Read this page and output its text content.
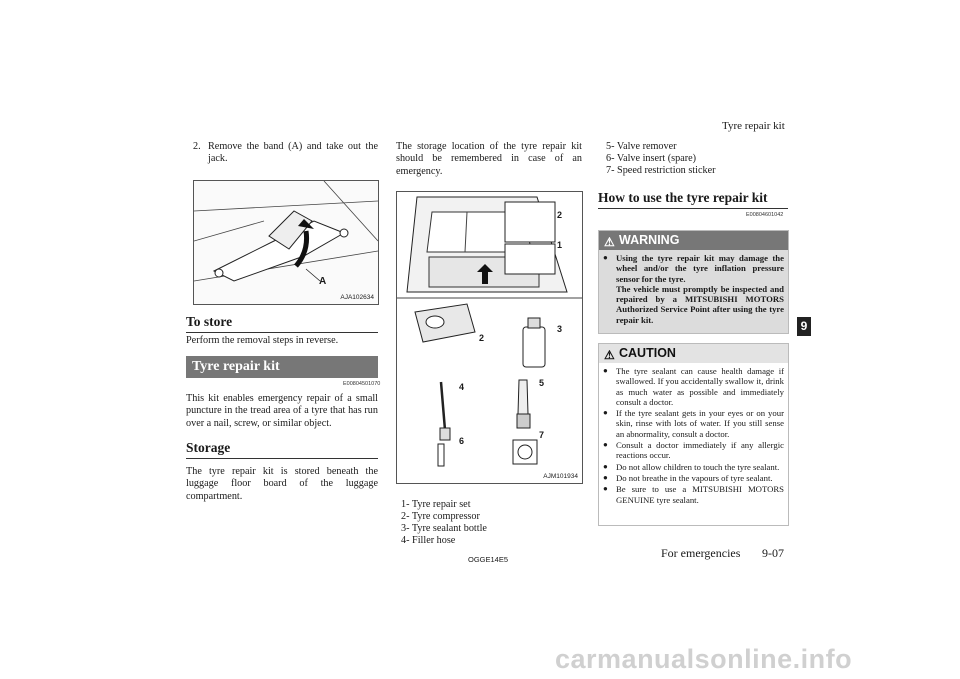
Tyre repair kit
2. Remove the band (A) and take out the jack.
A
AJA102634
To store
Perform the removal steps in reverse.
Tyre repair kit
E00804501070
This kit enables emergency repair of a small puncture in the tread area of a tyre that has run over a nail, screw, or similar object.
Storage
The tyre repair kit is stored beneath the luggage floor board of the luggage compartment.
The storage location of the tyre repair kit should be remembered in case of an emergency.
2
1
2
3
4	5
6
7
AJM101934
1- Tyre repair set
2- Tyre compressor
3- Tyre sealant bottle
4- Filler hose
5- Valve remover
6- Valve insert (spare)
7- Speed restriction sticker
How to use the tyre repair kit
E00804601042
⚠ WARNING
● Using the tyre repair kit may damage the wheel and/or the tyre inflation pressure sensor for the tyre.
The vehicle must promptly be inspected and repaired by a MITSUBISHI MOTORS Authorized Service Point after using the tyre repair kit.
⚠ CAUTION
● The tyre sealant can cause health damage if swallowed. If you accidentally swallow it, drink as much water as possible and immediately consult a doctor.
● If the tyre sealant gets in your eyes or on your skin, rinse with lots of water. If you still sense an abnormality, consult a doctor.
● Consult a doctor immediately if any allergic reactions occur.
● Do not allow children to touch the tyre sealant.
● Do not breathe in the vapours of tyre sealant.
● Be sure to use a MITSUBISHI MOTORS GENUINE tyre sealant.
9
OGGE14E5	For emergencies 9-07
carmanualsonline.info
